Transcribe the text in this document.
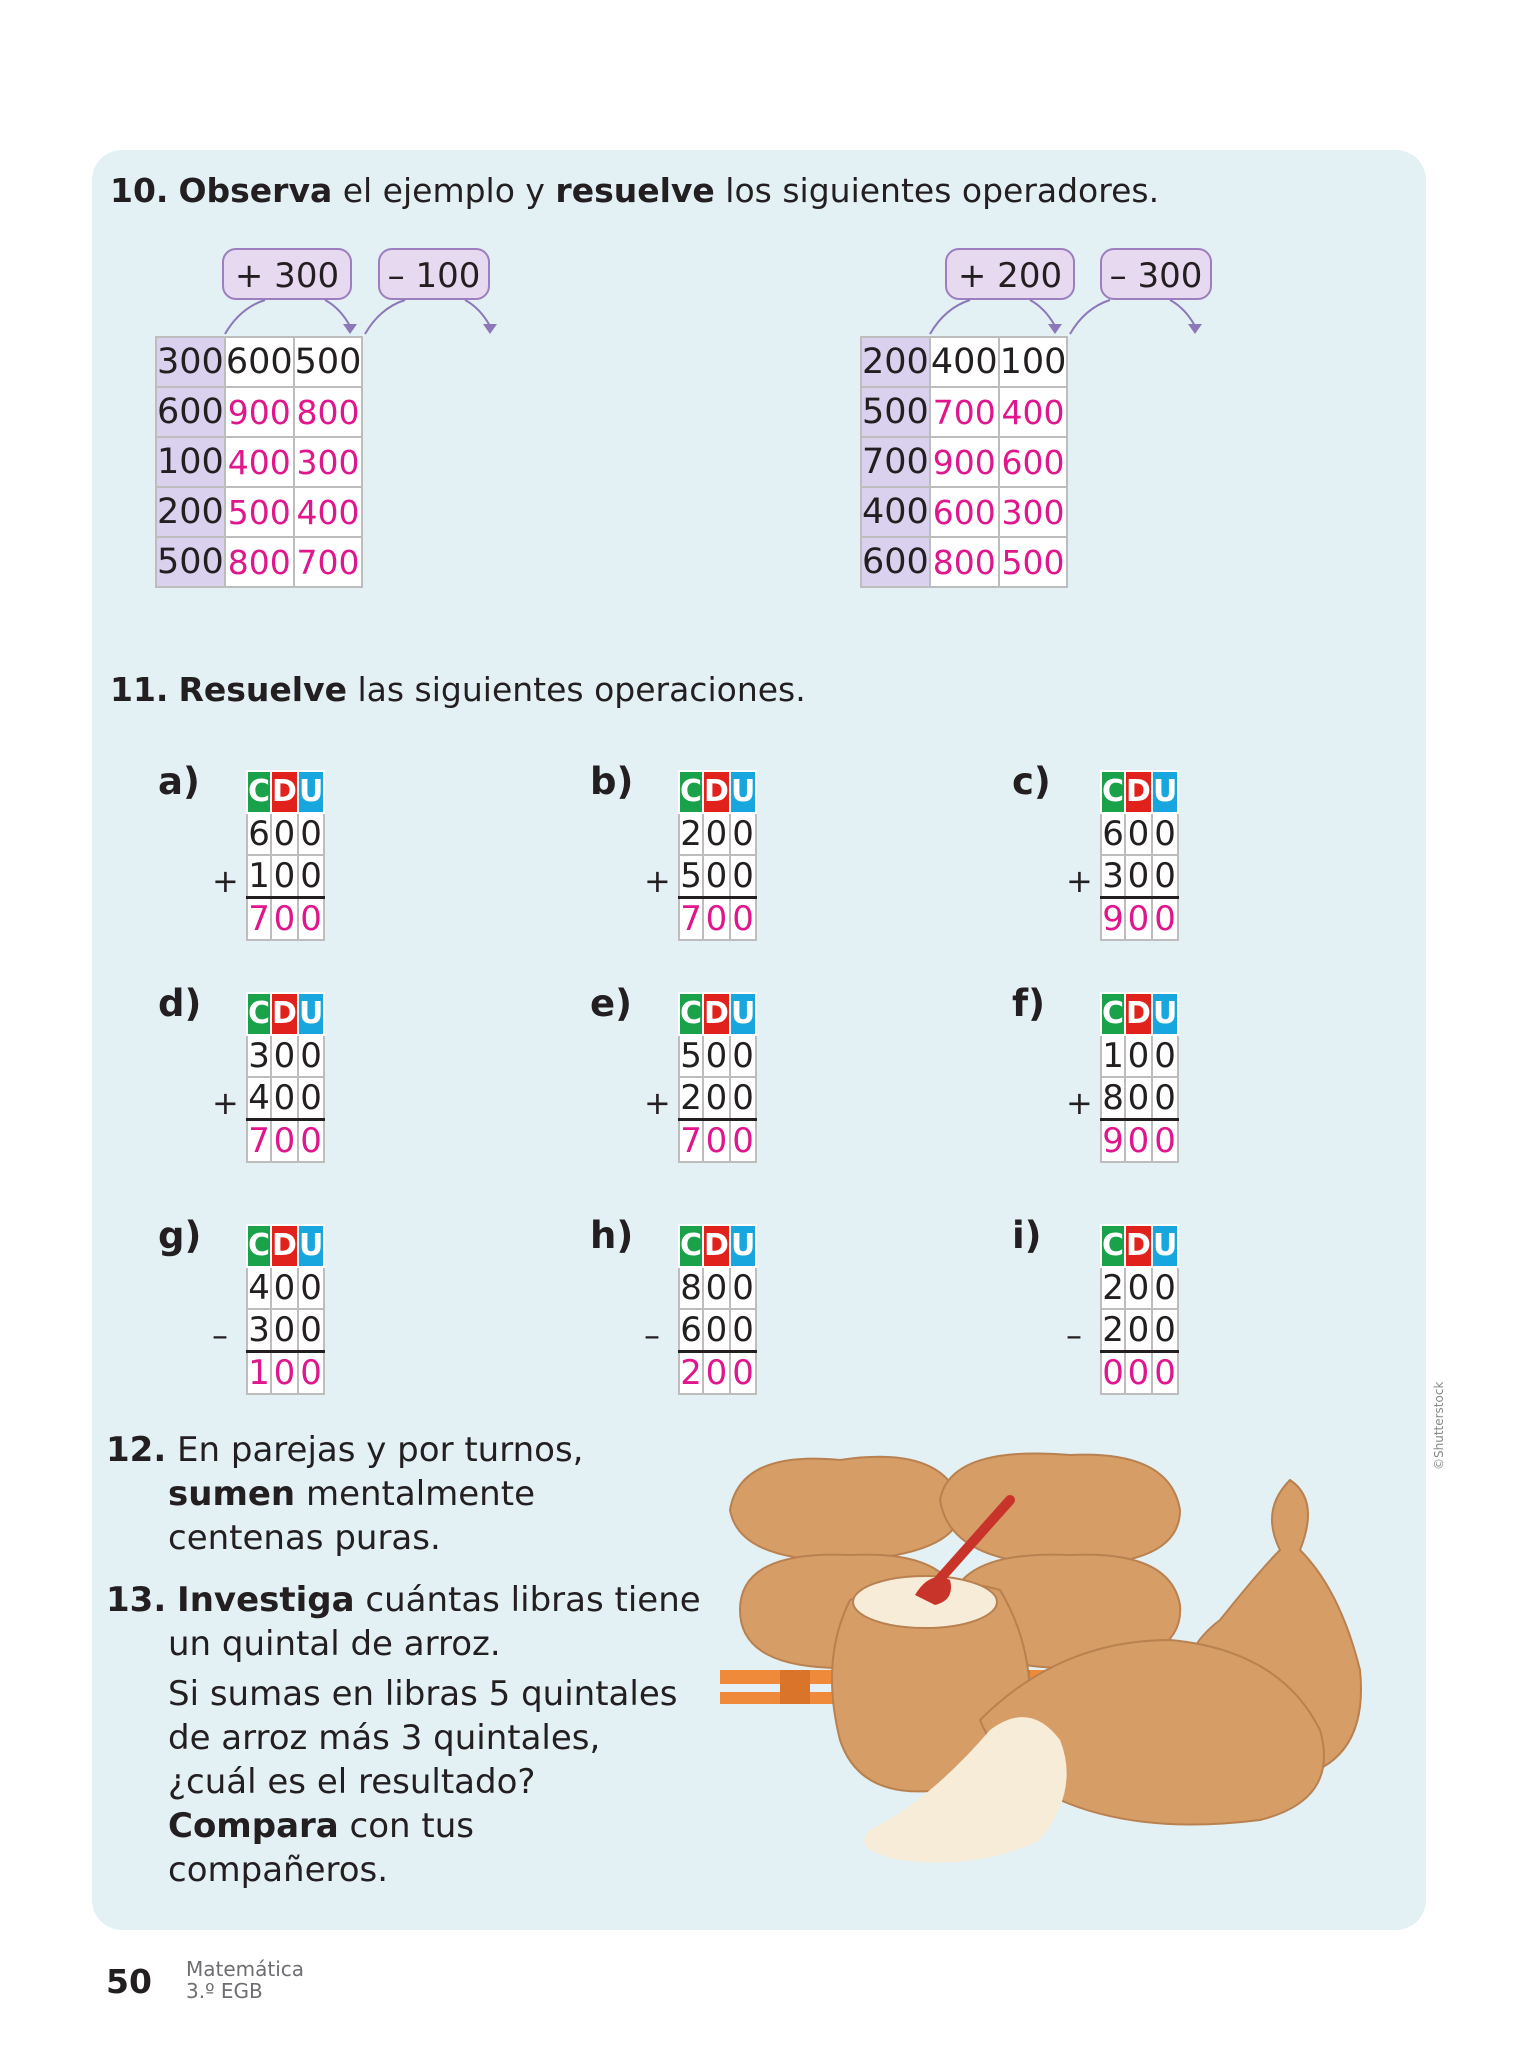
10. Observa el ejemplo y resuelve los siguientes operadores.
+ 300	– 100
300	600	500
600	900	800
100	400	300
200	500	400
500	800	700
+ 200	– 300
200	400	100
500	700	400
700	900	600
400	600	300
600	800	500
11. Resuelve las siguientes operaciones.
a)
+
C	D	U
6	0	0
1	0	0
7	0	0
b)
+
C	D	U
2	0	0
5	0	0
7	0	0
c)
+
C	D	U
6	0	0
3	0	0
9	0	0
d)
+
C	D	U
3	0	0
4	0	0
7	0	0
e)
+
C	D	U
5	0	0
2	0	0
7	0	0
f)
+
C	D	U
1	0	0
8	0	0
9	0	0
g)
–
C	D	U
4	0	0
3	0	0
1	0	0
h)
–
C	D	U
8	0	0
6	0	0
2	0	0
i)
–
C	D	U
2	0	0
2	0	0
0	0	0
12. En parejas y por turnos,
sumen mentalmente
centenas puras.
13. Investiga cuántas libras tiene
un quintal de arroz.
Si sumas en libras 5 quintales
de arroz más 3 quintales,
¿cuál es el resultado?
Compara con tus
compañeros.
©Shutterstock
50 Matemática
3.º EGB
